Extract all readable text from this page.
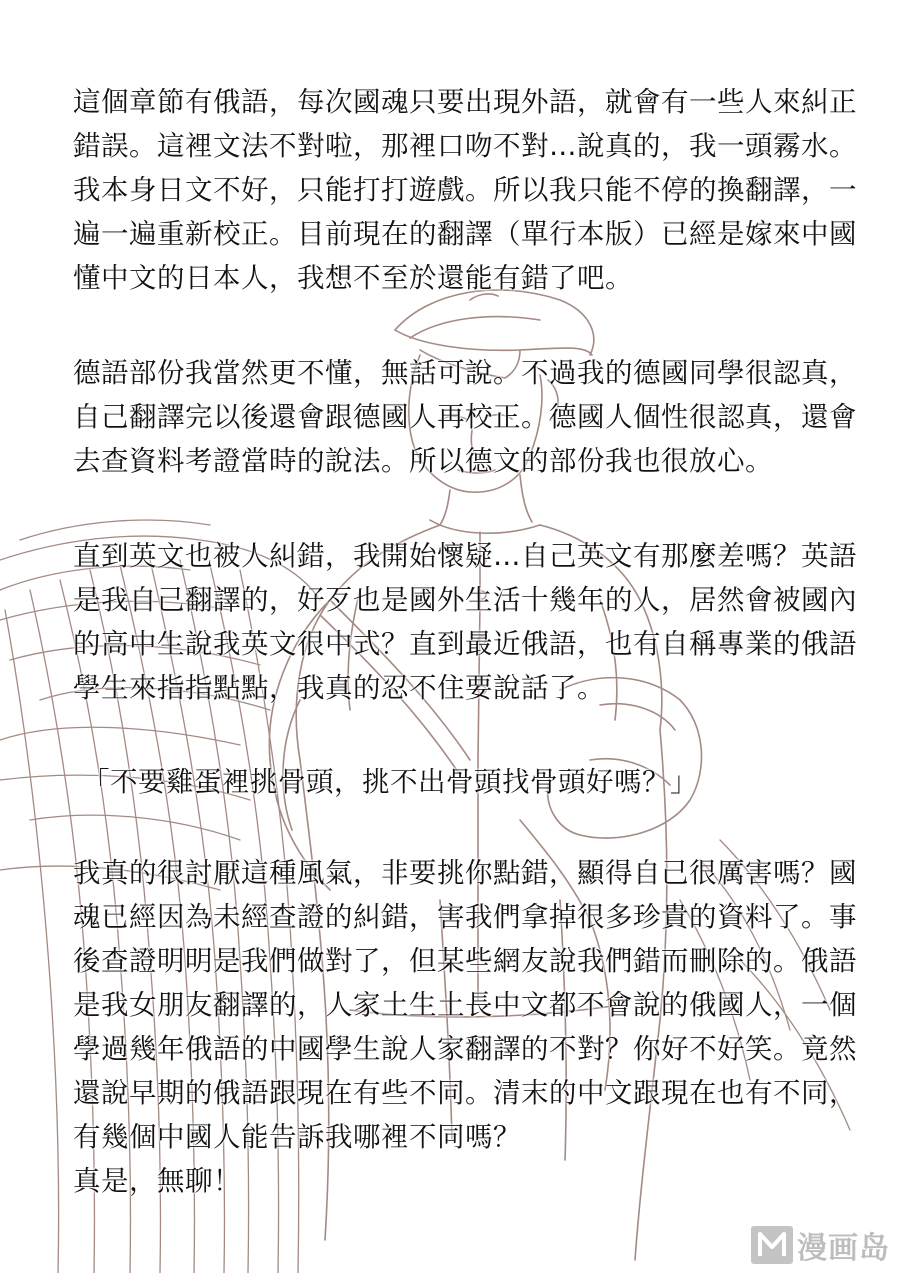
這個章節有俄語，每次國魂只要出現外語，就會有一些人來糾正
錯誤。這裡文法不對啦，那裡口吻不對…說真的，我一頭霧水。
我本身日文不好，只能打打遊戲。所以我只能不停的換翻譯，一
遍一遍重新校正。目前現在的翻譯（單行本版）已經是嫁來中國
懂中文的日本人，我想不至於還能有錯了吧。
德語部份我當然更不懂，無話可說。不過我的德國同學很認真，
自己翻譯完以後還會跟德國人再校正。德國人個性很認真，還會
去查資料考證當時的說法。所以德文的部份我也很放心。
直到英文也被人糾錯，我開始懷疑…自己英文有那麼差嗎？英語
是我自己翻譯的，好歹也是國外生活十幾年的人，居然會被國內
的高中生說我英文很中式？直到最近俄語，也有自稱專業的俄語
學生來指指點點，我真的忍不住要說話了。
「不要雞蛋裡挑骨頭，挑不出骨頭找骨頭好嗎？」
我真的很討厭這種風氣，非要挑你點錯，顯得自己很厲害嗎？國
魂已經因為未經查證的糾錯，害我們拿掉很多珍貴的資料了。事
後查證明明是我們做對了，但某些網友說我們錯而刪除的。俄語
是我女朋友翻譯的，人家土生土長中文都不會說的俄國人，一個
學過幾年俄語的中國學生說人家翻譯的不對？你好不好笑。竟然
還說早期的俄語跟現在有些不同。清末的中文跟現在也有不同，
有幾個中國人能告訴我哪裡不同嗎？
真是，無聊！
漫画岛
